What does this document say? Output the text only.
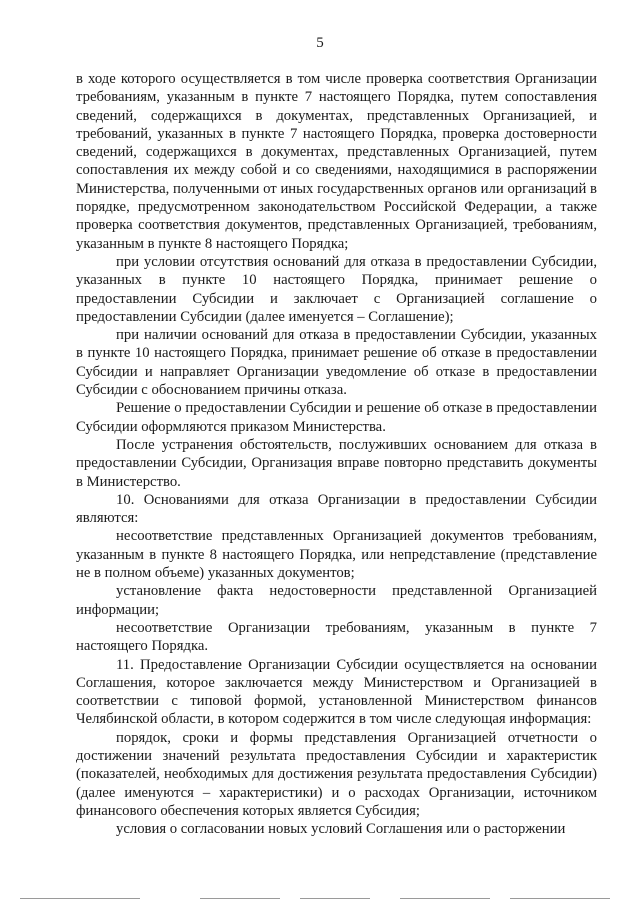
5

в ходе которого осуществляется в том числе проверка соответствия Организации требованиям, указанным в пункте 7 настоящего Порядка, путем сопоставления сведений, содержащихся в документах, представленных Организацией, и требований, указанных в пункте 7 настоящего Порядка, проверка достоверности сведений, содержащихся в документах, представленных Организацией, путем сопоставления их между собой и со сведениями, находящимися в распоряжении Министерства, полученными от иных государственных органов или организаций в порядке, предусмотренном законодательством Российской Федерации, а также проверка соответствия документов, представленных Организацией, требованиям, указанным в пункте 8 настоящего Порядка;

при условии отсутствия оснований для отказа в предоставлении Субсидии, указанных в пункте 10 настоящего Порядка, принимает решение о предоставлении Субсидии и заключает с Организацией соглашение о предоставлении Субсидии (далее именуется – Соглашение);

при наличии оснований для отказа в предоставлении Субсидии, указанных в пункте 10 настоящего Порядка, принимает решение об отказе в предоставлении Субсидии и направляет Организации уведомление об отказе в предоставлении Субсидии с обоснованием причины отказа.

Решение о предоставлении Субсидии и решение об отказе в предоставлении Субсидии оформляются приказом Министерства.

После устранения обстоятельств, послуживших основанием для отказа в предоставлении Субсидии, Организация вправе повторно представить документы в Министерство.

10. Основаниями для отказа Организации в предоставлении Субсидии являются:

несоответствие представленных Организацией документов требованиям, указанным в пункте 8 настоящего Порядка, или непредставление (представление не в полном объеме) указанных документов;

установление факта недостоверности представленной Организацией информации;

несоответствие Организации требованиям, указанным в пункте 7 настоящего Порядка.

11. Предоставление Организации Субсидии осуществляется на основании Соглашения, которое заключается между Министерством и Организацией в соответствии с типовой формой, установленной Министерством финансов Челябинской области, в котором содержится в том числе следующая информация:

порядок, сроки и формы представления Организацией отчетности о достижении значений результата предоставления Субсидии и характеристик (показателей, необходимых для достижения результата предоставления Субсидии) (далее именуются – характеристики) и о расходах Организации, источником финансового обеспечения которых является Субсидия;

условия о согласовании новых условий Соглашения или о расторжении
